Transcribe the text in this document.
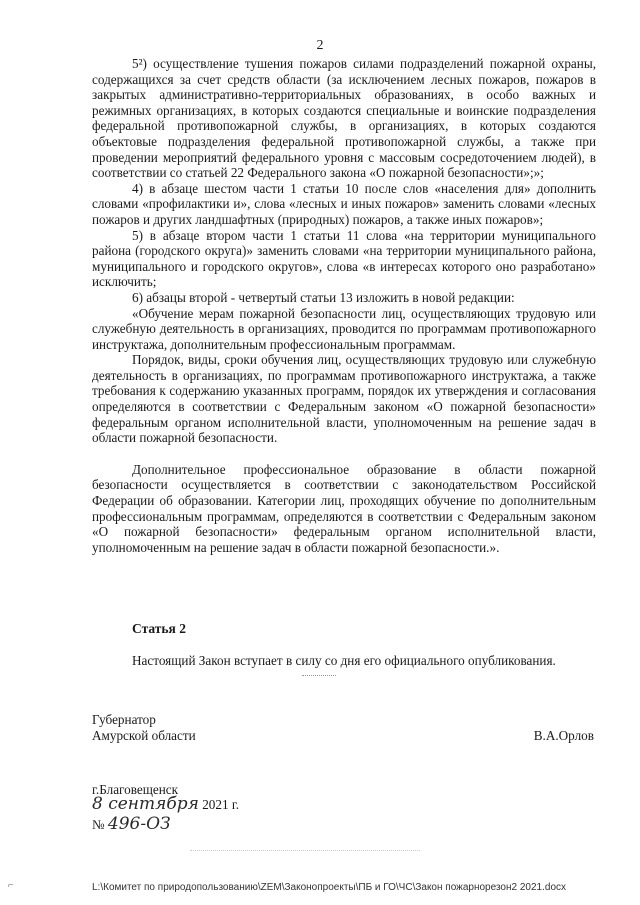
2

5²) осуществление тушения пожаров силами подразделений пожарной охраны, содержащихся за счет средств области (за исключением лесных пожаров, пожаров в закрытых административно-территориальных образованиях, в особо важных и режимных организациях, в которых создаются специальные и воинские подразделения федеральной противопожарной службы, в организациях, в которых создаются объектовые подразделения федеральной противопожарной службы, а также при проведении мероприятий федерального уровня с массовым сосредоточением людей), в соответствии со статьей 22 Федерального закона «О пожарной безопасности»;»;

4) в абзаце шестом части 1 статьи 10 после слов «населения для» дополнить словами «профилактики и», слова «лесных и иных пожаров» заменить словами «лесных пожаров и других ландшафтных (природных) пожаров, а также иных пожаров»;

5) в абзаце втором части 1 статьи 11 слова «на территории муниципального района (городского округа)» заменить словами «на территории муниципального района, муниципального и городского округов», слова «в интересах которого оно разработано» исключить;

6) абзацы второй - четвертый статьи 13 изложить в новой редакции:

«Обучение мерам пожарной безопасности лиц, осуществляющих трудовую или служебную деятельность в организациях, проводится по программам противопожарного инструктажа, дополнительным профессиональным программам.

Порядок, виды, сроки обучения лиц, осуществляющих трудовую или служебную деятельность в организациях, по программам противопожарного инструктажа, а также требования к содержанию указанных программ, порядок их утверждения и согласования определяются в соответствии с Федеральным законом «О пожарной безопасности» федеральным органом исполнительной власти, уполномоченным на решение задач в области пожарной безопасности.

Дополнительное профессиональное образование в области пожарной безопасности осуществляется в соответствии с законодательством Российской Федерации об образовании. Категории лиц, проходящих обучение по дополнительным профессиональным программам, определяются в соответствии с Федеральным законом «О пожарной безопасности» федеральным органом исполнительной власти, уполномоченным на решение задач в области пожарной безопасности.».

Статья 2
Настоящий Закон вступает в силу со дня его официального опубликования.
Губернатор
Амурской области	В.А.Орлов
г.Благовещенск
8 сентября 2021 г.
№ 496-ОЗ
⌐	L:\Комитет по природопользованию\ZEM\Законопроекты\ПБ и ГО\ЧС\Закон пожарнорезон2 2021.docx
